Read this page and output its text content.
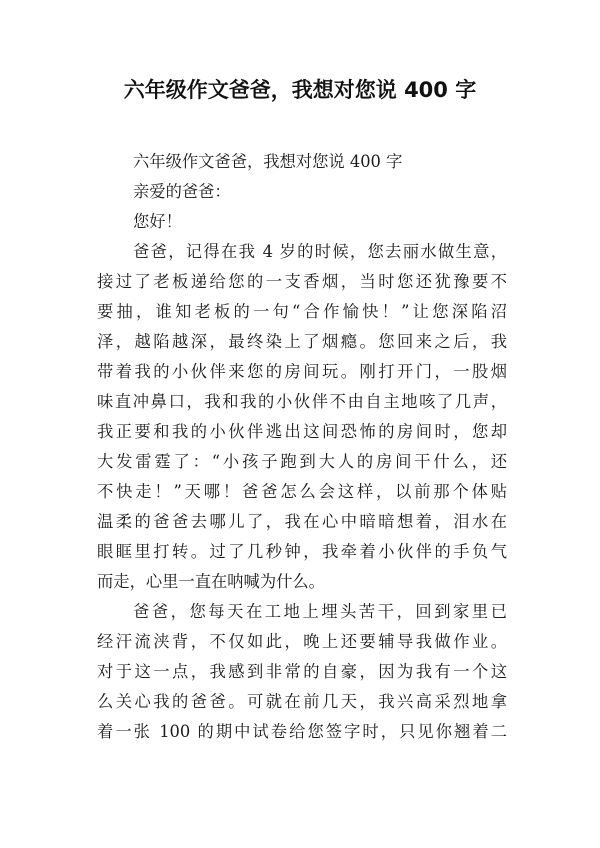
六年级作文爸爸，我想对您说 400 字
六年级作文爸爸，我想对您说 400 字
亲爱的爸爸：
您好！
爸爸，记得在我 4 岁的时候，您去丽水做生意，
接过了老板递给您的一支香烟，当时您还犹豫要不
要抽，谁知老板的一句“合作愉快！”让您深陷沼
泽，越陷越深，最终染上了烟瘾。您回来之后，我
带着我的小伙伴来您的房间玩。刚打开门，一股烟
味直冲鼻口，我和我的小伙伴不由自主地咳了几声，
我正要和我的小伙伴逃出这间恐怖的房间时，您却
大发雷霆了：“小孩子跑到大人的房间干什么，还
不快走！”天哪！爸爸怎么会这样，以前那个体贴
温柔的爸爸去哪儿了，我在心中暗暗想着，泪水在
眼眶里打转。过了几秒钟，我牵着小伙伴的手负气
而走，心里一直在呐喊为什么。
爸爸，您每天在工地上埋头苦干，回到家里已
经汗流浃背，不仅如此，晚上还要辅导我做作业。
对于这一点，我感到非常的自豪，因为我有一个这
么关心我的爸爸。可就在前几天，我兴高采烈地拿
着一张 100 的期中试卷给您签字时，只见你翘着二
